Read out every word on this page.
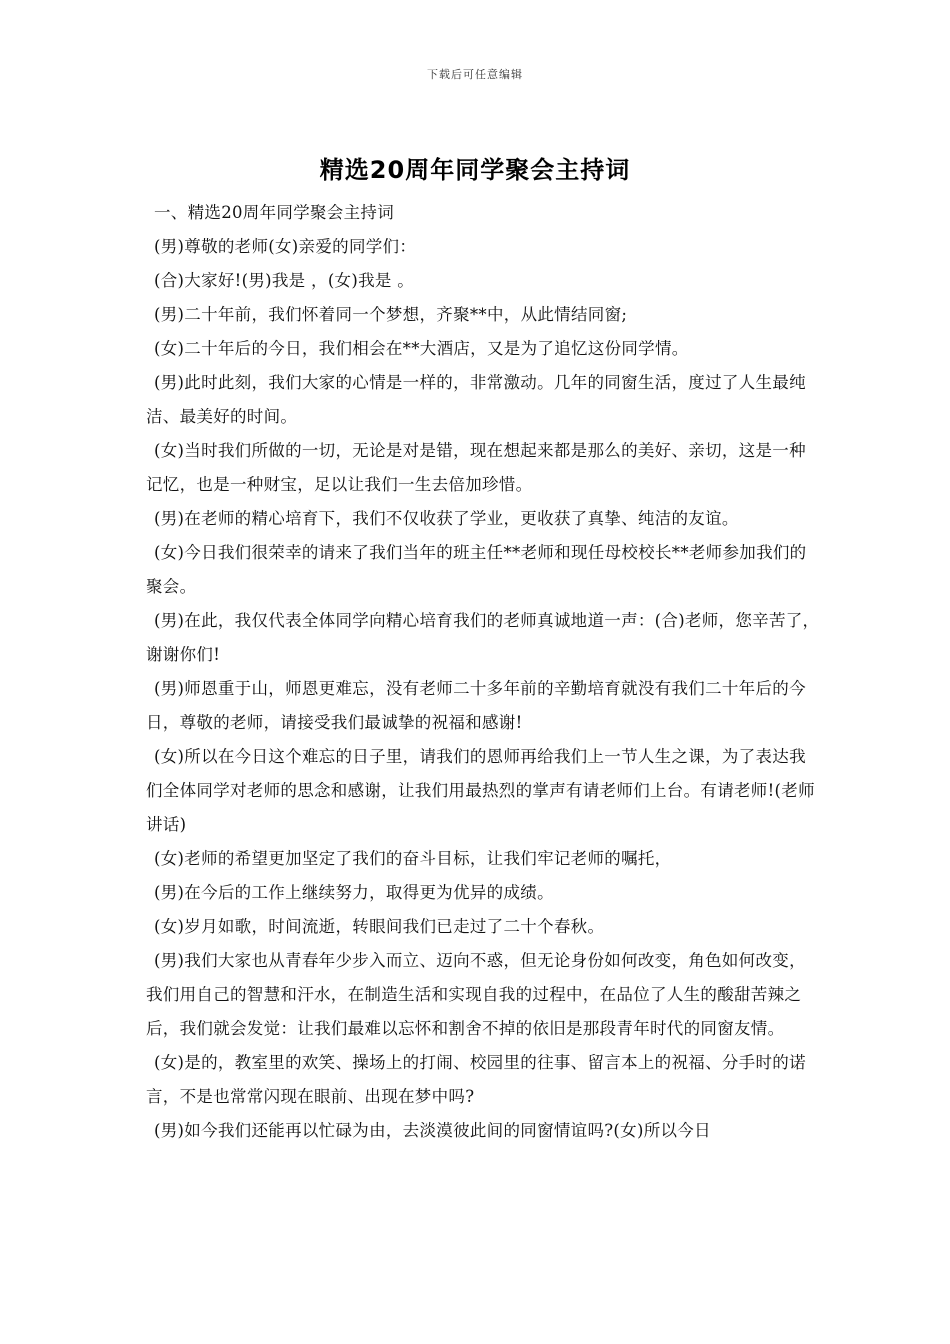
下载后可任意编辑
精选20周年同学聚会主持词

一、精选20周年同学聚会主持词

(男)尊敬的老师(女)亲爱的同学们：

(合)大家好!(男)我是 ，(女)我是 。

(男)二十年前，我们怀着同一个梦想，齐聚**中，从此情结同窗;

(女)二十年后的今日，我们相会在**大酒店，又是为了追忆这份同学情。

(男)此时此刻，我们大家的心情是一样的，非常激动。几年的同窗生活，度过了人生最纯洁、最美好的时间。

(女)当时我们所做的一切，无论是对是错，现在想起来都是那么的美好、亲切，这是一种记忆，也是一种财宝，足以让我们一生去倍加珍惜。

(男)在老师的精心培育下，我们不仅收获了学业，更收获了真挚、纯洁的友谊。

(女)今日我们很荣幸的请来了我们当年的班主任**老师和现任母校校长**老师参加我们的聚会。

(男)在此，我仅代表全体同学向精心培育我们的老师真诚地道一声：(合)老师，您辛苦了，谢谢你们!

(男)师恩重于山，师恩更难忘，没有老师二十多年前的辛勤培育就没有我们二十年后的今日，尊敬的老师，请接受我们最诚挚的祝福和感谢!

(女)所以在今日这个难忘的日子里，请我们的恩师再给我们上一节人生之课，为了表达我们全体同学对老师的思念和感谢，让我们用最热烈的掌声有请老师们上台。有请老师!(老师讲话)

(女)老师的希望更加坚定了我们的奋斗目标，让我们牢记老师的嘱托，

(男)在今后的工作上继续努力，取得更为优异的成绩。

(女)岁月如歌，时间流逝，转眼间我们已走过了二十个春秋。

(男)我们大家也从青春年少步入而立、迈向不惑，但无论身份如何改变，角色如何改变，我们用自己的智慧和汗水，在制造生活和实现自我的过程中，在品位了人生的酸甜苦辣之后，我们就会发觉：让我们最难以忘怀和割舍不掉的依旧是那段青年时代的同窗友情。

(女)是的，教室里的欢笑、操场上的打闹、校园里的往事、留言本上的祝福、分手时的诺言，不是也常常闪现在眼前、出现在梦中吗?

(男)如今我们还能再以忙碌为由，去淡漠彼此间的同窗情谊吗?(女)所以今日
